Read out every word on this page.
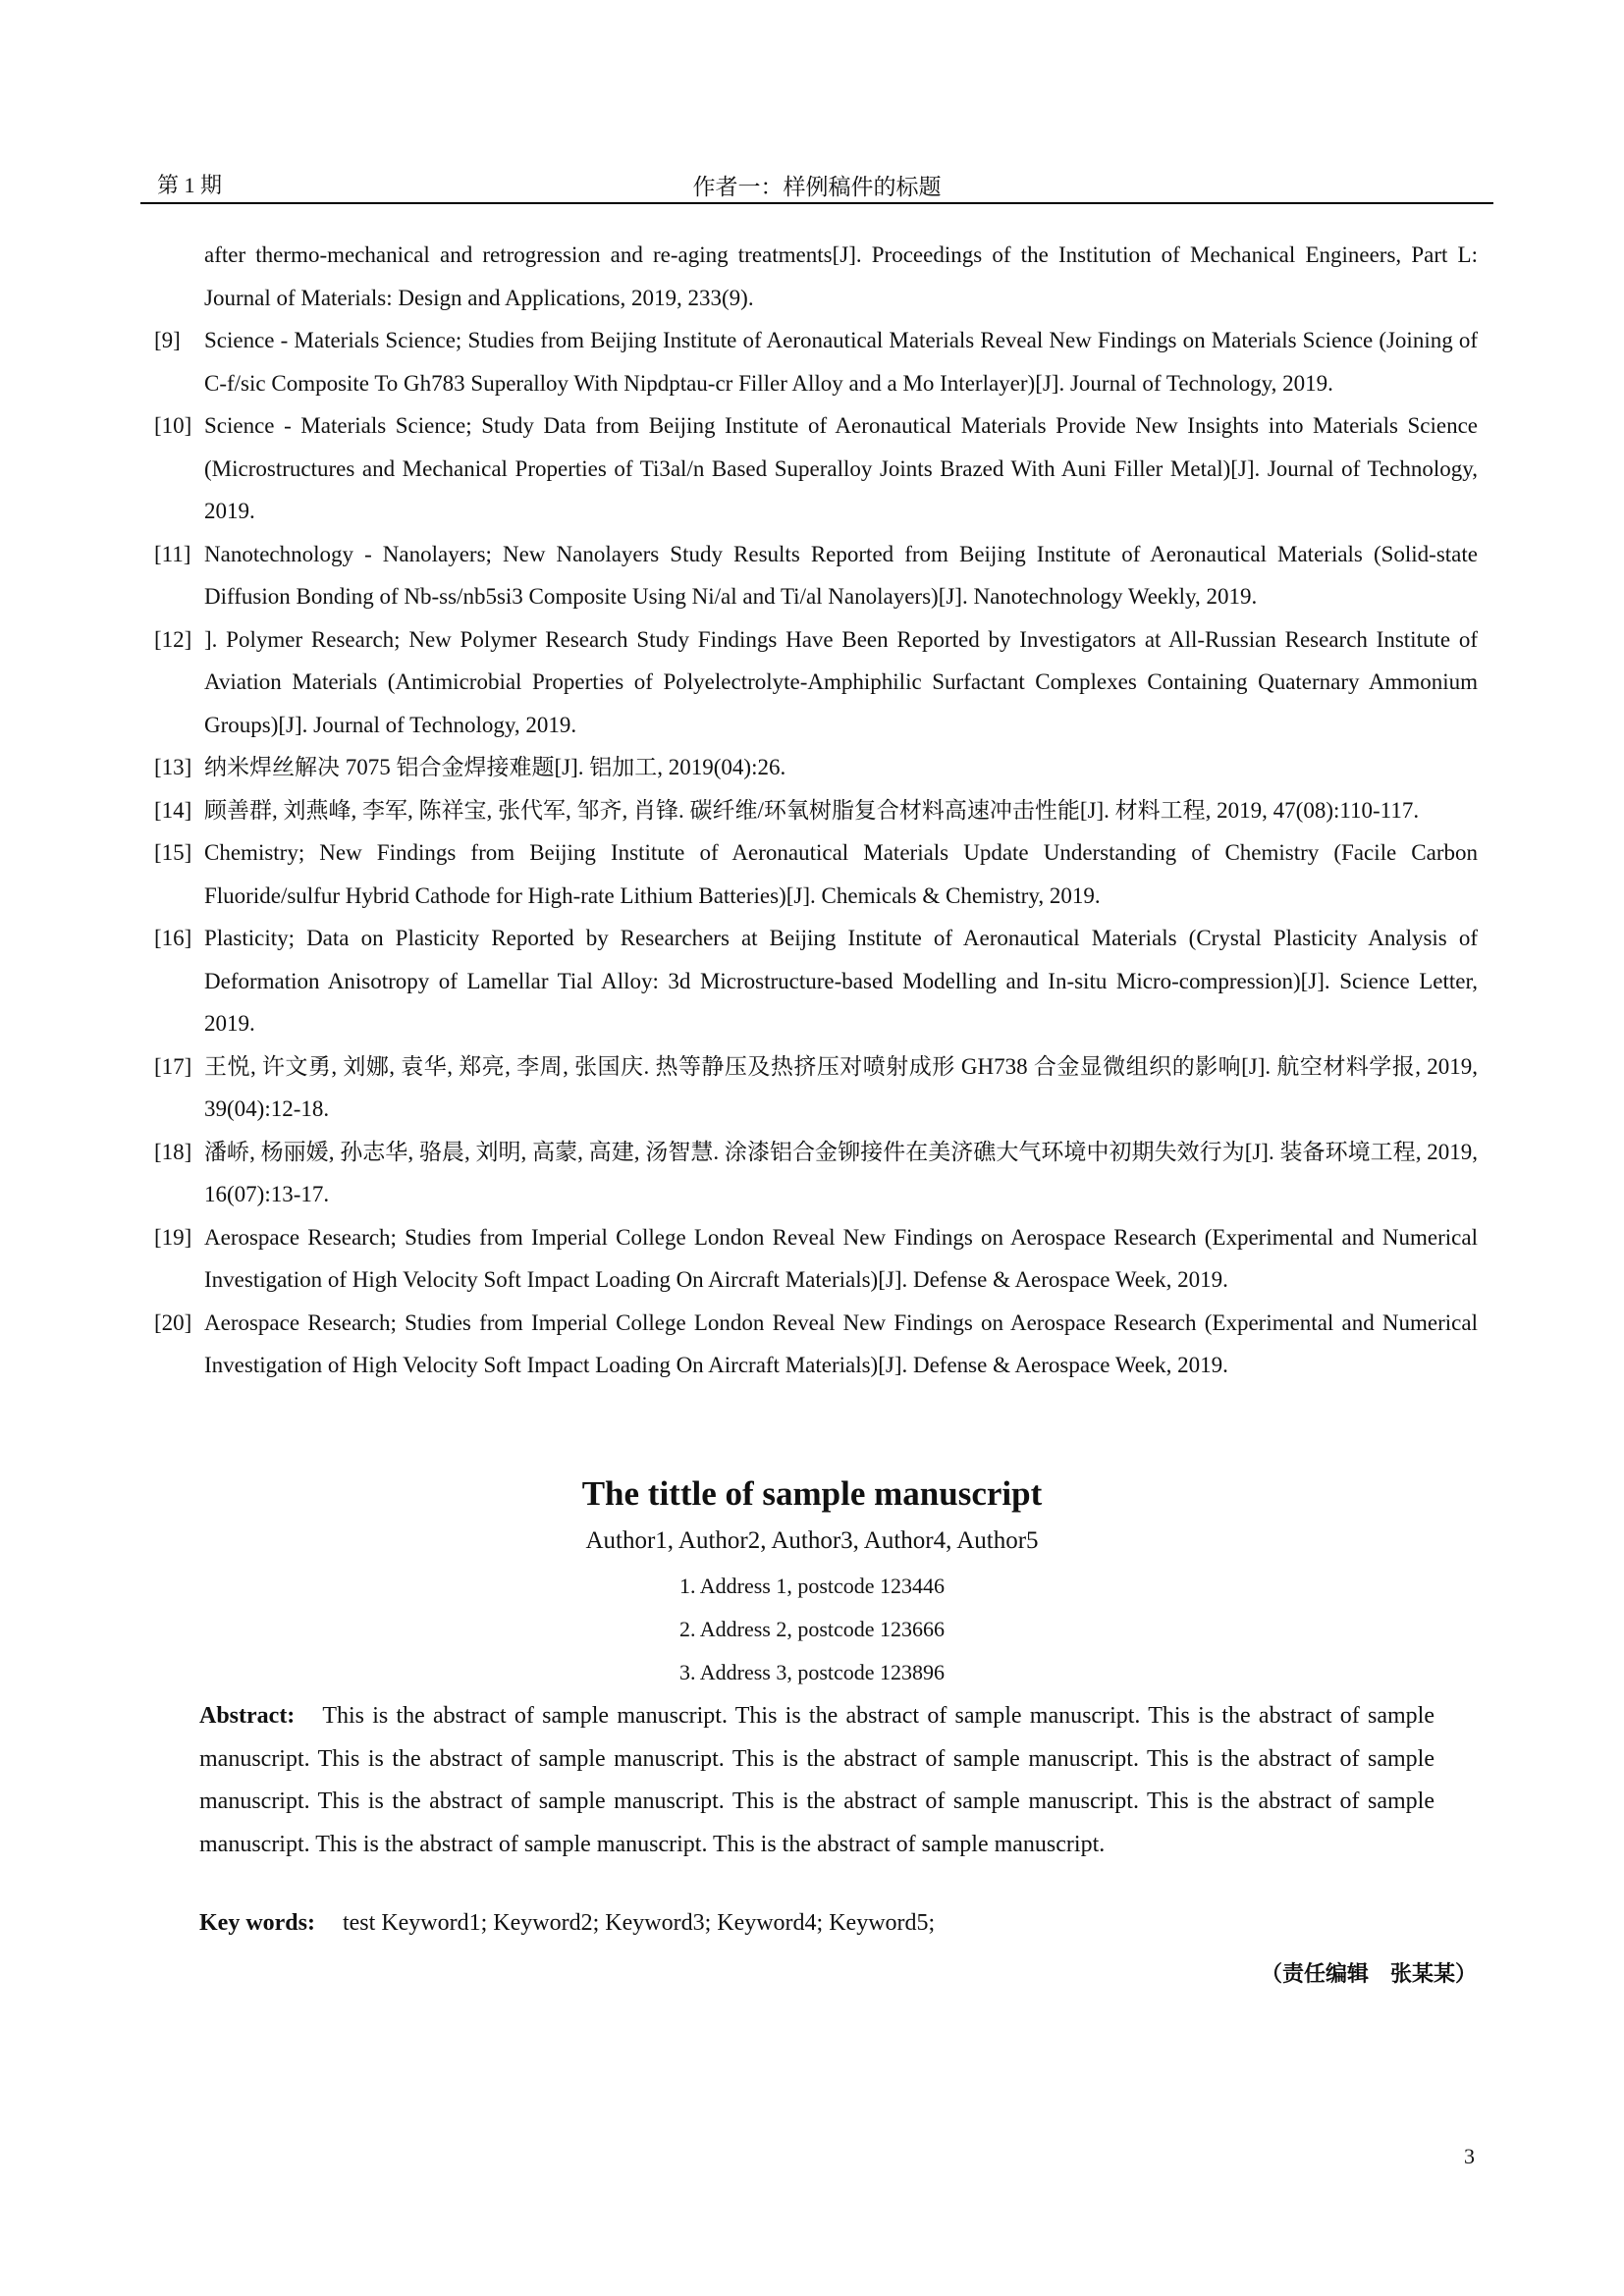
第 1 期	作者一：样例稿件的标题
after thermo-mechanical and retrogression and re-aging treatments[J]. Proceedings of the Institution of Mechanical Engineers, Part L: Journal of Materials: Design and Applications, 2019, 233(9).
[9] Science - Materials Science; Studies from Beijing Institute of Aeronautical Materials Reveal New Findings on Materials Science (Joining of C-f/sic Composite To Gh783 Superalloy With Nipdptau-cr Filler Alloy and a Mo Interlayer)[J]. Journal of Technology, 2019.
[10] Science - Materials Science; Study Data from Beijing Institute of Aeronautical Materials Provide New Insights into Materials Science (Microstructures and Mechanical Properties of Ti3al/n Based Superalloy Joints Brazed With Auni Filler Metal)[J]. Journal of Technology, 2019.
[11] Nanotechnology - Nanolayers; New Nanolayers Study Results Reported from Beijing Institute of Aeronautical Materials (Solid-state Diffusion Bonding of Nb-ss/nb5si3 Composite Using Ni/al and Ti/al Nanolayers)[J]. Nanotechnology Weekly, 2019.
[12] ]. Polymer Research; New Polymer Research Study Findings Have Been Reported by Investigators at All-Russian Research Institute of Aviation Materials (Antimicrobial Properties of Polyelectrolyte-Amphiphilic Surfactant Complexes Containing Quaternary Ammonium Groups)[J]. Journal of Technology, 2019.
[13] 纳米焊丝解决 7075 铝合金焊接难题[J]. 铝加工, 2019(04):26.
[14] 顾善群, 刘燕峰, 李军, 陈祥宝, 张代军, 邹齐, 肖锋. 碳纤维/环氧树脂复合材料高速冲击性能[J]. 材料工程, 2019, 47(08):110-117.
[15] Chemistry; New Findings from Beijing Institute of Aeronautical Materials Update Understanding of Chemistry (Facile Carbon Fluoride/sulfur Hybrid Cathode for High-rate Lithium Batteries)[J]. Chemicals & Chemistry, 2019.
[16] Plasticity; Data on Plasticity Reported by Researchers at Beijing Institute of Aeronautical Materials (Crystal Plasticity Analysis of Deformation Anisotropy of Lamellar Tial Alloy: 3d Microstructure-based Modelling and In-situ Micro-compression)[J]. Science Letter, 2019.
[17] 王悦, 许文勇, 刘娜, 袁华, 郑亮, 李周, 张国庆. 热等静压及热挤压对喷射成形 GH738 合金显微组织的影响[J]. 航空材料学报, 2019, 39(04):12-18.
[18] 潘峤, 杨丽媛, 孙志华, 骆晨, 刘明, 高蒙, 高建, 汤智慧. 涂漆铝合金铆接件在美济礁大气环境中初期失效行为[J]. 装备环境工程, 2019, 16(07):13-17.
[19] Aerospace Research; Studies from Imperial College London Reveal New Findings on Aerospace Research (Experimental and Numerical Investigation of High Velocity Soft Impact Loading On Aircraft Materials)[J]. Defense & Aerospace Week, 2019.
[20] Aerospace Research; Studies from Imperial College London Reveal New Findings on Aerospace Research (Experimental and Numerical Investigation of High Velocity Soft Impact Loading On Aircraft Materials)[J]. Defense & Aerospace Week, 2019.
The tittle of sample manuscript
Author1, Author2, Author3, Author4, Author5
1. Address 1, postcode 123446
2. Address 2, postcode 123666
3. Address 3, postcode 123896
Abstract: This is the abstract of sample manuscript. This is the abstract of sample manuscript. This is the abstract of sample manuscript. This is the abstract of sample manuscript. This is the abstract of sample manuscript. This is the abstract of sample manuscript. This is the abstract of sample manuscript. This is the abstract of sample manuscript. This is the abstract of sample manuscript. This is the abstract of sample manuscript. This is the abstract of sample manuscript.
Key words: test Keyword1; Keyword2; Keyword3; Keyword4; Keyword5;
（责任编辑　张某某）
3
